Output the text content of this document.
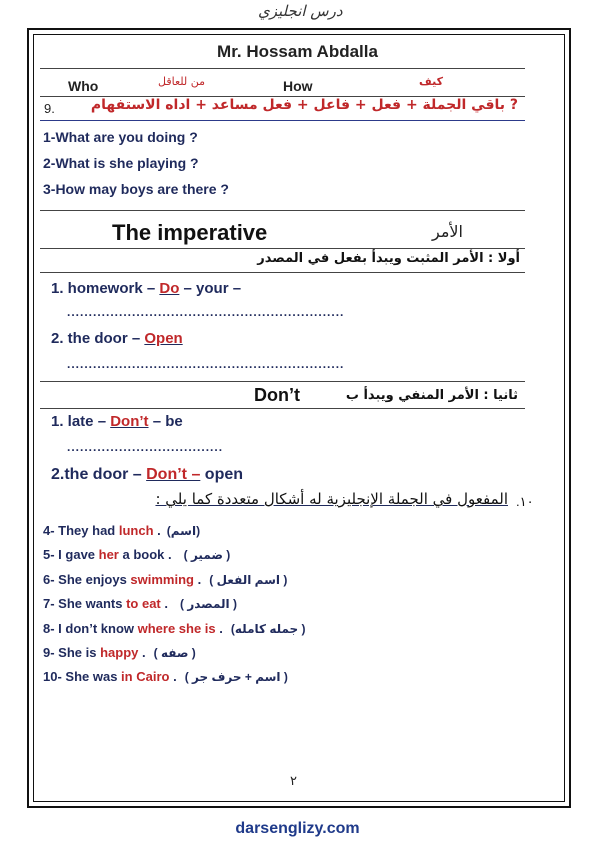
درس انجليزي
Mr. Hossam Abdalla
Who	من للعاقل	How	كيف
9.	? باقي الجملة + فعل + فاعل + فعل مساعد + اداه الاستفهام
1-What are you doing ?
2-What is she playing ?
3-How may boys are there ?
The imperative	الأمر
أولا : الأمر المثبت ويبدأ بفعل في المصدر
1. homework – Do – your –
................................................................
2. the door – Open
................................................................
Don’t	ثانيا : الأمر المنفي ويبدأ ب
1. late – Don’t – be
....................................
2.the door – Don’t – open
المفعول في الجملة الإنجليزية له أشكال متعددة كما يلي : .١٠
4- They had lunch . (اسم)
5- I gave her a book . ( ضمير )
6- She enjoys swimming . ( اسم الفعل )
7- She wants to eat . ( المصدر )
8- I don’t know where she is . (جمله كامله )
9- She is happy . ( صفه )
10- She was in Cairo . ( اسم + حرف جر )
٢
darsenglizy.com
